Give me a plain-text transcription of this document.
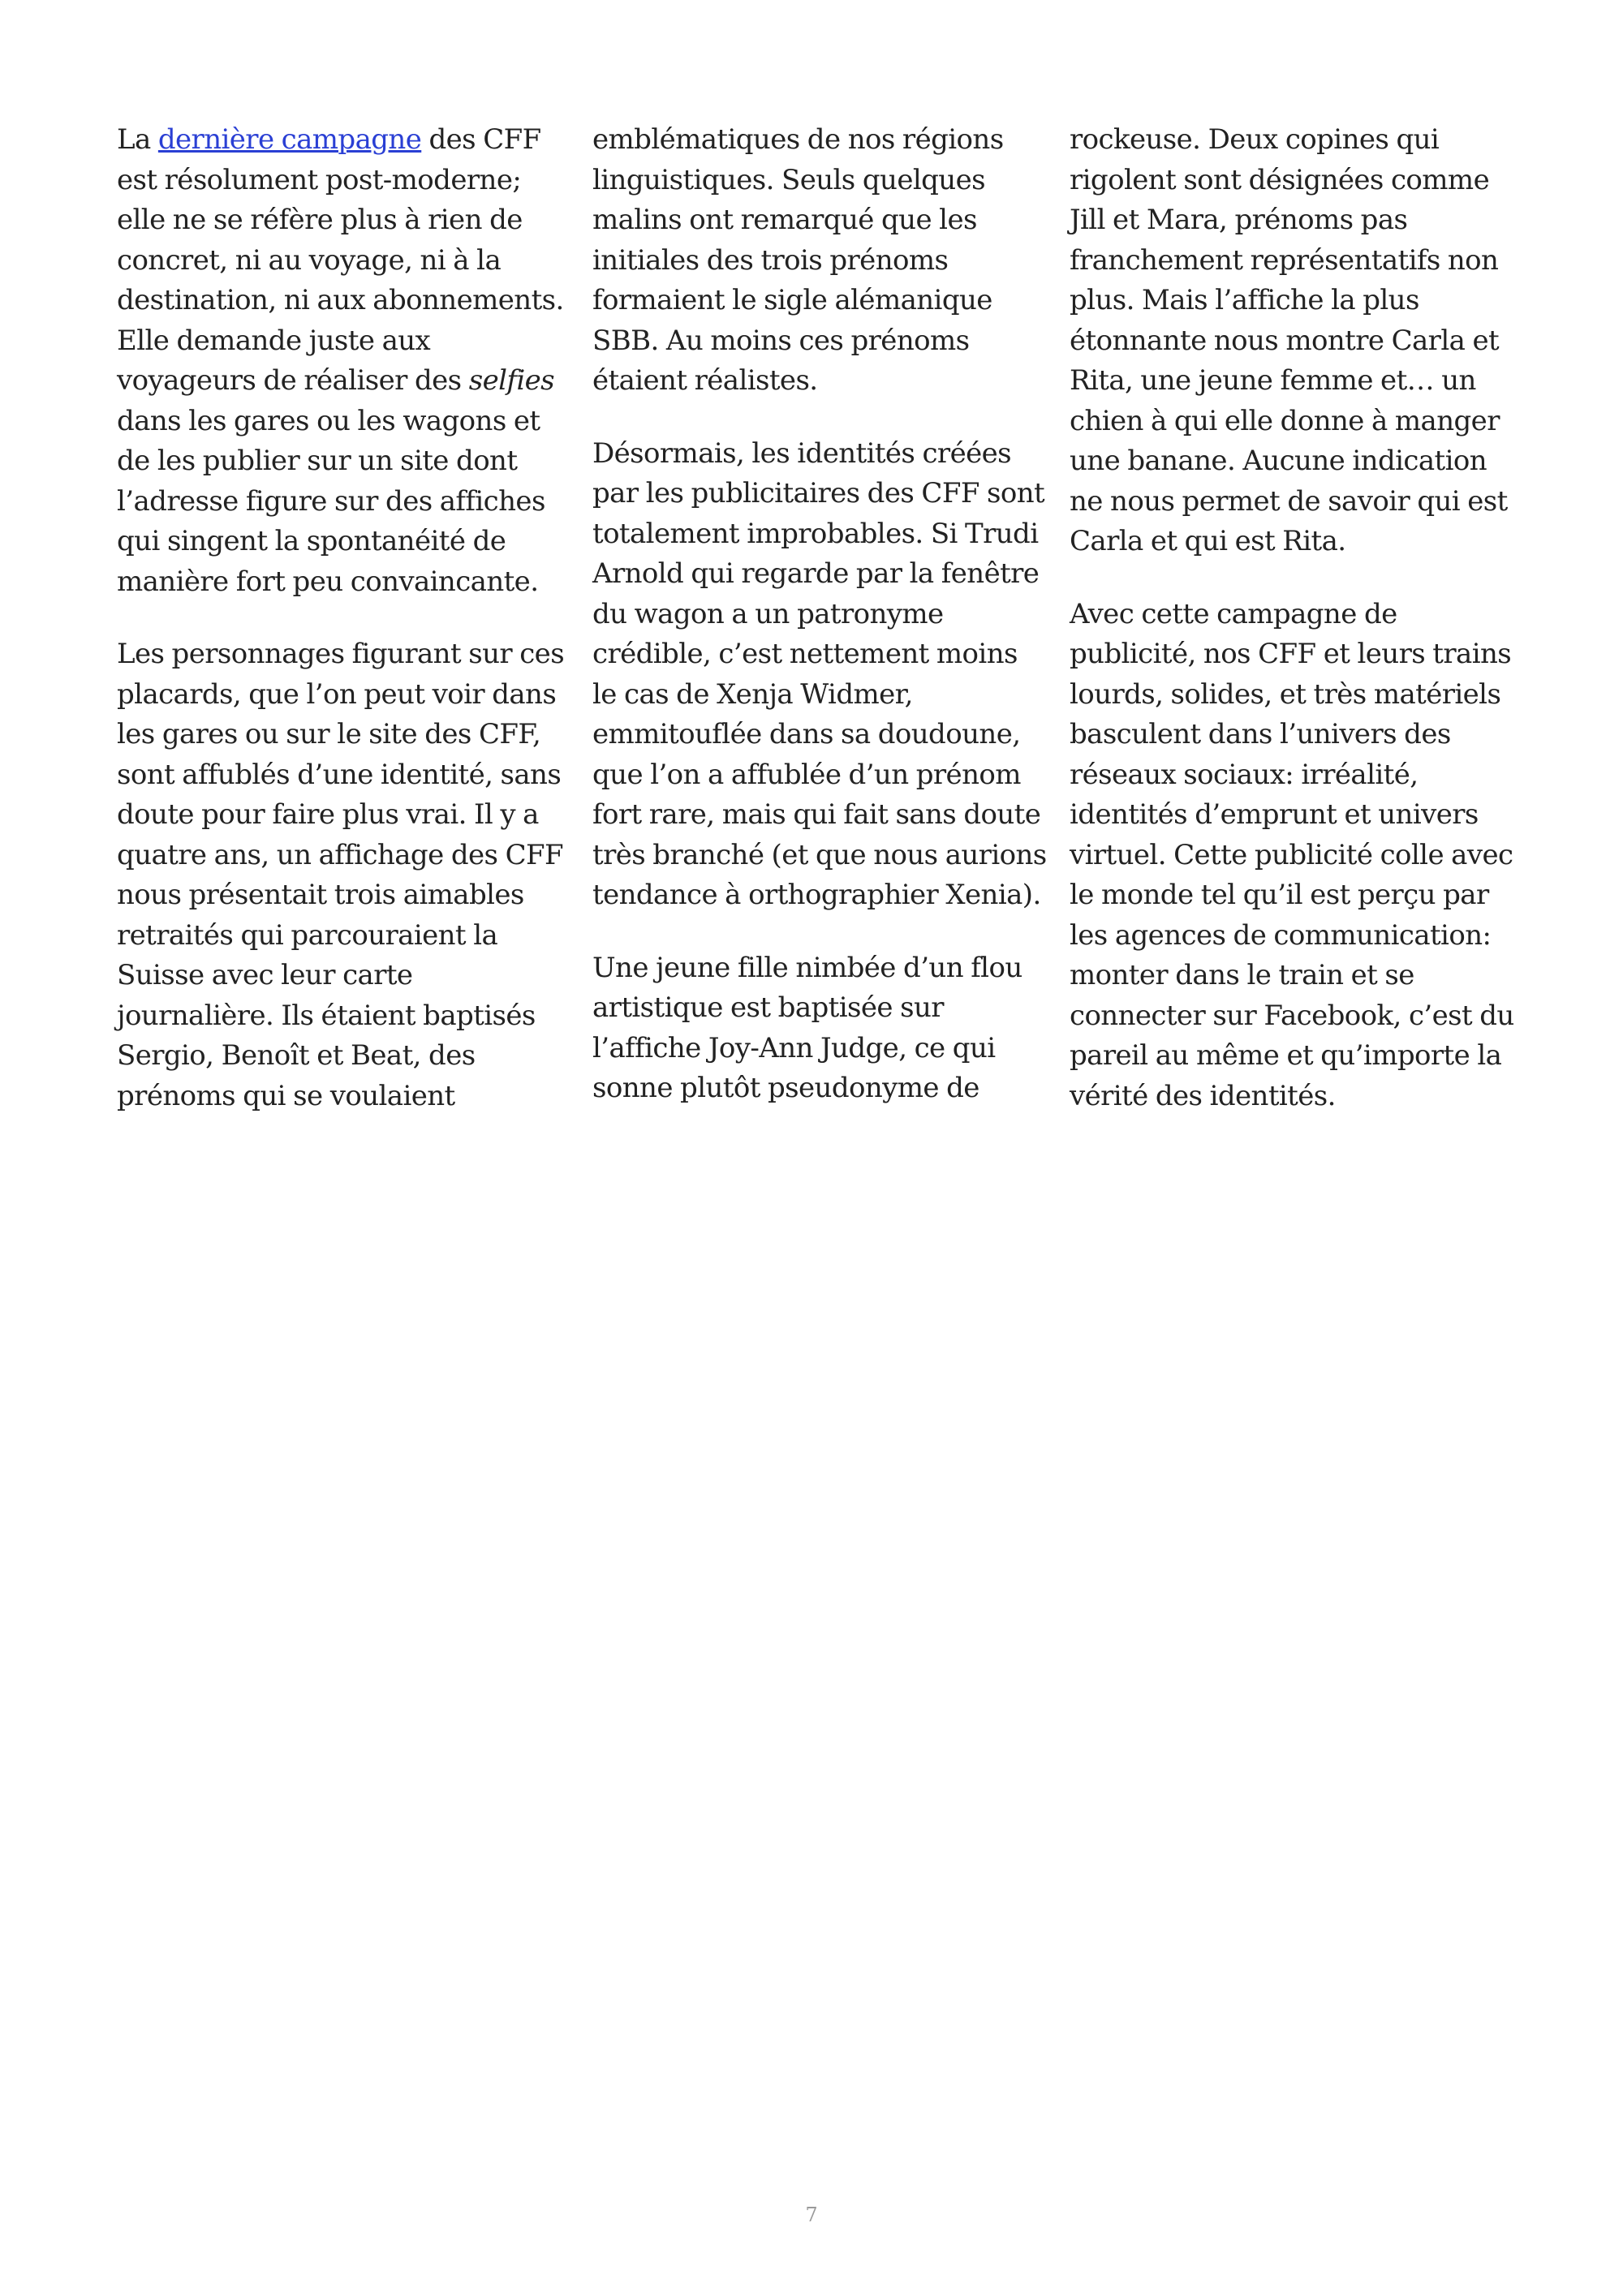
La dernière campagne des CFF est résolument post-moderne; elle ne se réfère plus à rien de concret, ni au voyage, ni à la destination, ni aux abonnements. Elle demande juste aux voyageurs de réaliser des selfies dans les gares ou les wagons et de les publier sur un site dont l’adresse figure sur des affiches qui singent la spontanéité de manière fort peu convaincante.

Les personnages figurant sur ces placards, que l’on peut voir dans les gares ou sur le site des CFF, sont affublés d’une identité, sans doute pour faire plus vrai. Il y a quatre ans, un affichage des CFF nous présentait trois aimables retraités qui parcouraient la Suisse avec leur carte journalière. Ils étaient baptisés Sergio, Benoît et Beat, des prénoms qui se voulaient

emblématiques de nos régions linguistiques. Seuls quelques malins ont remarqué que les initiales des trois prénoms formaient le sigle alémanique SBB. Au moins ces prénoms étaient réalistes.

Désormais, les identités créées par les publicitaires des CFF sont totalement improbables. Si Trudi Arnold qui regarde par la fenêtre du wagon a un patronyme crédible, c’est nettement moins le cas de Xenja Widmer, emmitouflée dans sa doudoune, que l’on a affublée d’un prénom fort rare, mais qui fait sans doute très branché (et que nous aurions tendance à orthographier Xenia).

Une jeune fille nimbée d’un flou artistique est baptisée sur l’affiche Joy-Ann Judge, ce qui sonne plutôt pseudonyme de

rockeuse. Deux copines qui rigolent sont désignées comme Jill et Mara, prénoms pas franchement représentatifs non plus. Mais l’affiche la plus étonnante nous montre Carla et Rita, une jeune femme et… un chien à qui elle donne à manger une banane. Aucune indication ne nous permet de savoir qui est Carla et qui est Rita.

Avec cette campagne de publicité, nos CFF et leurs trains lourds, solides, et très matériels basculent dans l’univers des réseaux sociaux: irréalité, identités d’emprunt et univers virtuel. Cette publicité colle avec le monde tel qu’il est perçu par les agences de communication: monter dans le train et se connecter sur Facebook, c’est du pareil au même et qu’importe la vérité des identités.

7
